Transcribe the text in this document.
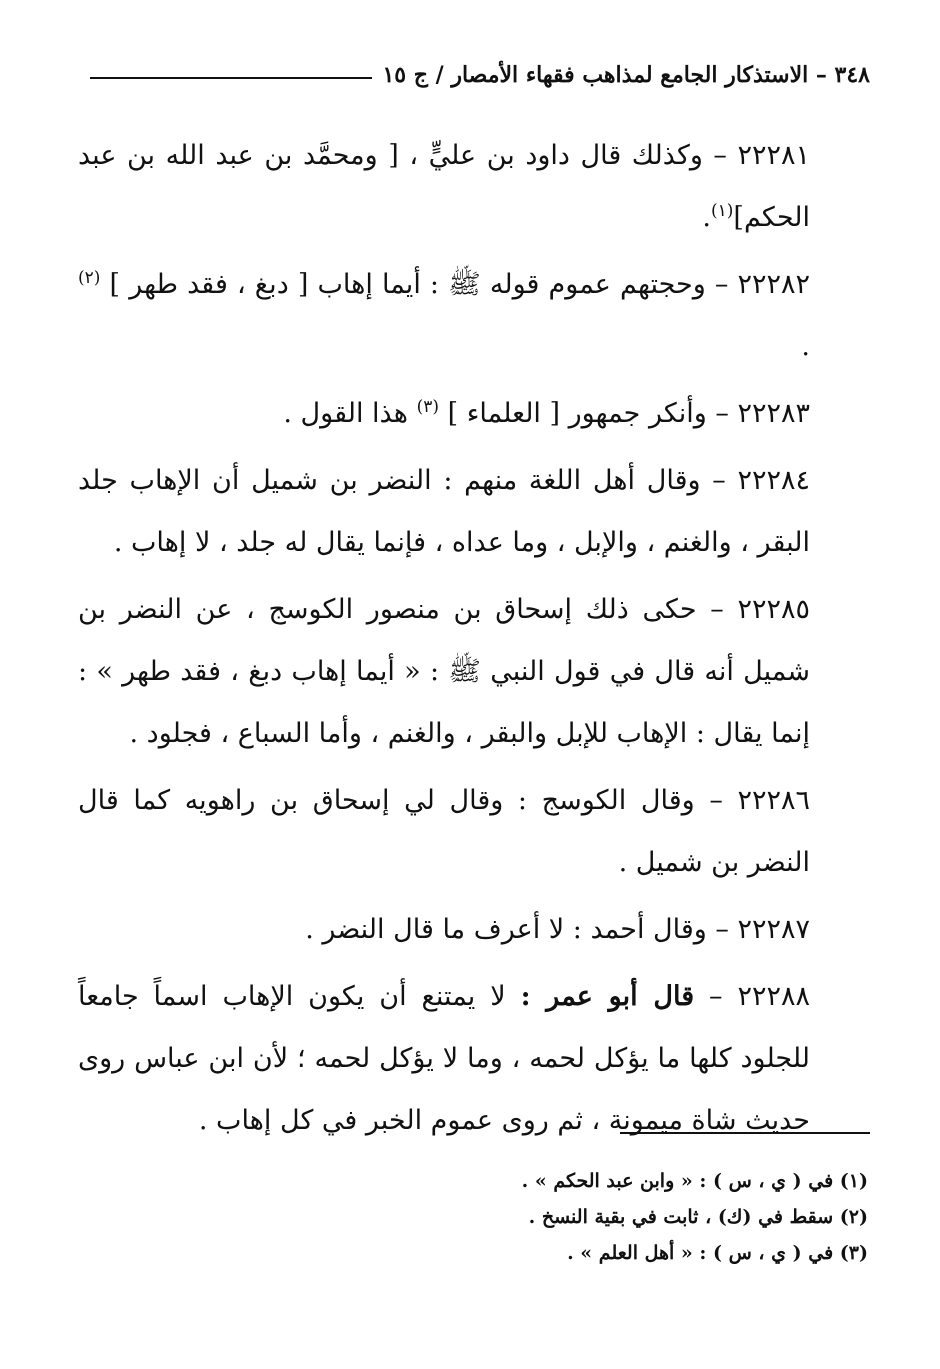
٣٤٨ – الاستذكار الجامع لمذاهب فقهاء الأمصار / ج ١٥

٢٢٢٨١ – وكذلك قال داود بن عليٍّ ، [ ومحمَّد بن عبد الله بن عبد الحكم]$^{(١)}$.

٢٢٢٨٢ – وحجتهم عموم قوله ﷺ : أيما إهاب [ دبغ ، فقد طهر ] $^{(٢)}$ .

٢٢٢٨٣ – وأنكر جمهور [ العلماء ] $^{(٣)}$ هذا القول .

٢٢٢٨٤ – وقال أهل اللغة منهم : النضر بن شميل أن الإهاب جلد البقر ، والغنم ، والإبل ، وما عداه ، فإنما يقال له جلد ، لا إهاب .

٢٢٢٨٥ – حكى ذلك إسحاق بن منصور الكوسج ، عن النضر بن شميل أنه قال في قول النبي ﷺ : « أيما إهاب دبغ ، فقد طهر » : إنما يقال : الإهاب للإبل والبقر ، والغنم ، وأما السباع ، فجلود .

٢٢٢٨٦ – وقال الكوسج : وقال لي إسحاق بن راهويه كما قال النضر بن شميل .

٢٢٢٨٧ – وقال أحمد : لا أعرف ما قال النضر .

٢٢٢٨٨ – قال أبو عمر : لا يمتنع أن يكون الإهاب اسماً جامعاً للجلود كلها ما يؤكل لحمه ، وما لا يؤكل لحمه ؛ لأن ابن عباس روى حديث شاة ميمونة ، ثم روى عموم الخبر في كل إهاب .

(١) في ( ي ، س ) : « وابن عبد الحكم » .

(٢) سقط في (ك) ، ثابت في بقية النسخ .

(٣) في ( ي ، س ) : « أهل العلم » .
